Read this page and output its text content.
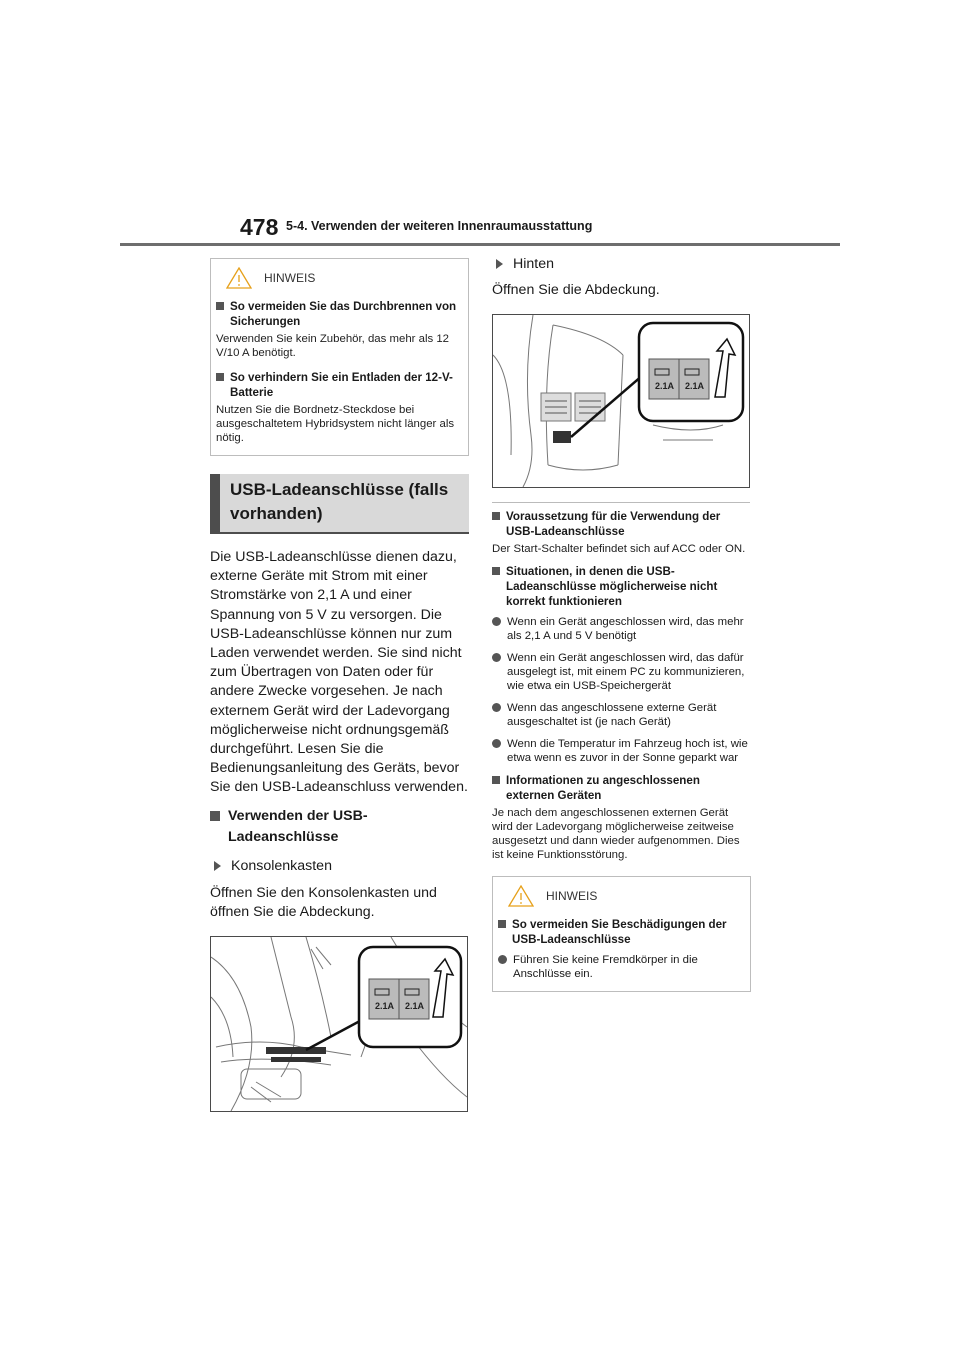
478 5-4. Verwenden der weiteren Innenraumausstattung
HINWEIS
So vermeiden Sie das Durchbrennen von Sicherungen

Verwenden Sie kein Zubehör, das mehr als 12 V/10 A benötigt.

So verhindern Sie ein Entladen der 12-V-Batterie

Nutzen Sie die Bordnetz-Steckdose bei ausgeschaltetem Hybridsystem nicht länger als nötig.

USB-Ladeanschlüsse (falls vorhanden)

Die USB-Ladeanschlüsse dienen dazu, externe Geräte mit Strom mit einer Stromstärke von 2,1 A und einer Spannung von 5 V zu versorgen. Die USB-Ladeanschlüsse können nur zum Laden verwendet werden. Sie sind nicht zum Übertragen von Daten oder für andere Zwecke vorgesehen. Je nach externem Gerät wird der Ladevorgang möglicherweise nicht ordnungsgemäß durchgeführt. Lesen Sie die Bedienungsanleitung des Geräts, bevor Sie den USB-Ladeanschluss verwenden.

Verwenden der USB-Ladeanschlüsse
Konsolenkasten

Öffnen Sie den Konsolenkasten und öffnen Sie die Abdeckung.

2.1A 2.1A
Hinten

Öffnen Sie die Abdeckung.

2.1A 2.1A
Voraussetzung für die Verwendung der USB-Ladeanschlüsse

Der Start-Schalter befindet sich auf ACC oder ON.

Situationen, in denen die USB-Ladeanschlüsse möglicherweise nicht korrekt funktionieren
Wenn ein Gerät angeschlossen wird, das mehr als 2,1 A und 5 V benötigt
Wenn ein Gerät angeschlossen wird, das dafür ausgelegt ist, mit einem PC zu kommunizieren, wie etwa ein USB-Speichergerät
Wenn das angeschlossene externe Gerät ausgeschaltet ist (je nach Gerät)
Wenn die Temperatur im Fahrzeug hoch ist, wie etwa wenn es zuvor in der Sonne geparkt war
Informationen zu angeschlossenen externen Geräten

Je nach dem angeschlossenen externen Gerät wird der Ladevorgang möglicherweise zeitweise ausgesetzt und dann wieder aufgenommen. Dies ist keine Funktionsstörung.

HINWEIS
So vermeiden Sie Beschädigungen der USB-Ladeanschlüsse
Führen Sie keine Fremdkörper in die Anschlüsse ein.
